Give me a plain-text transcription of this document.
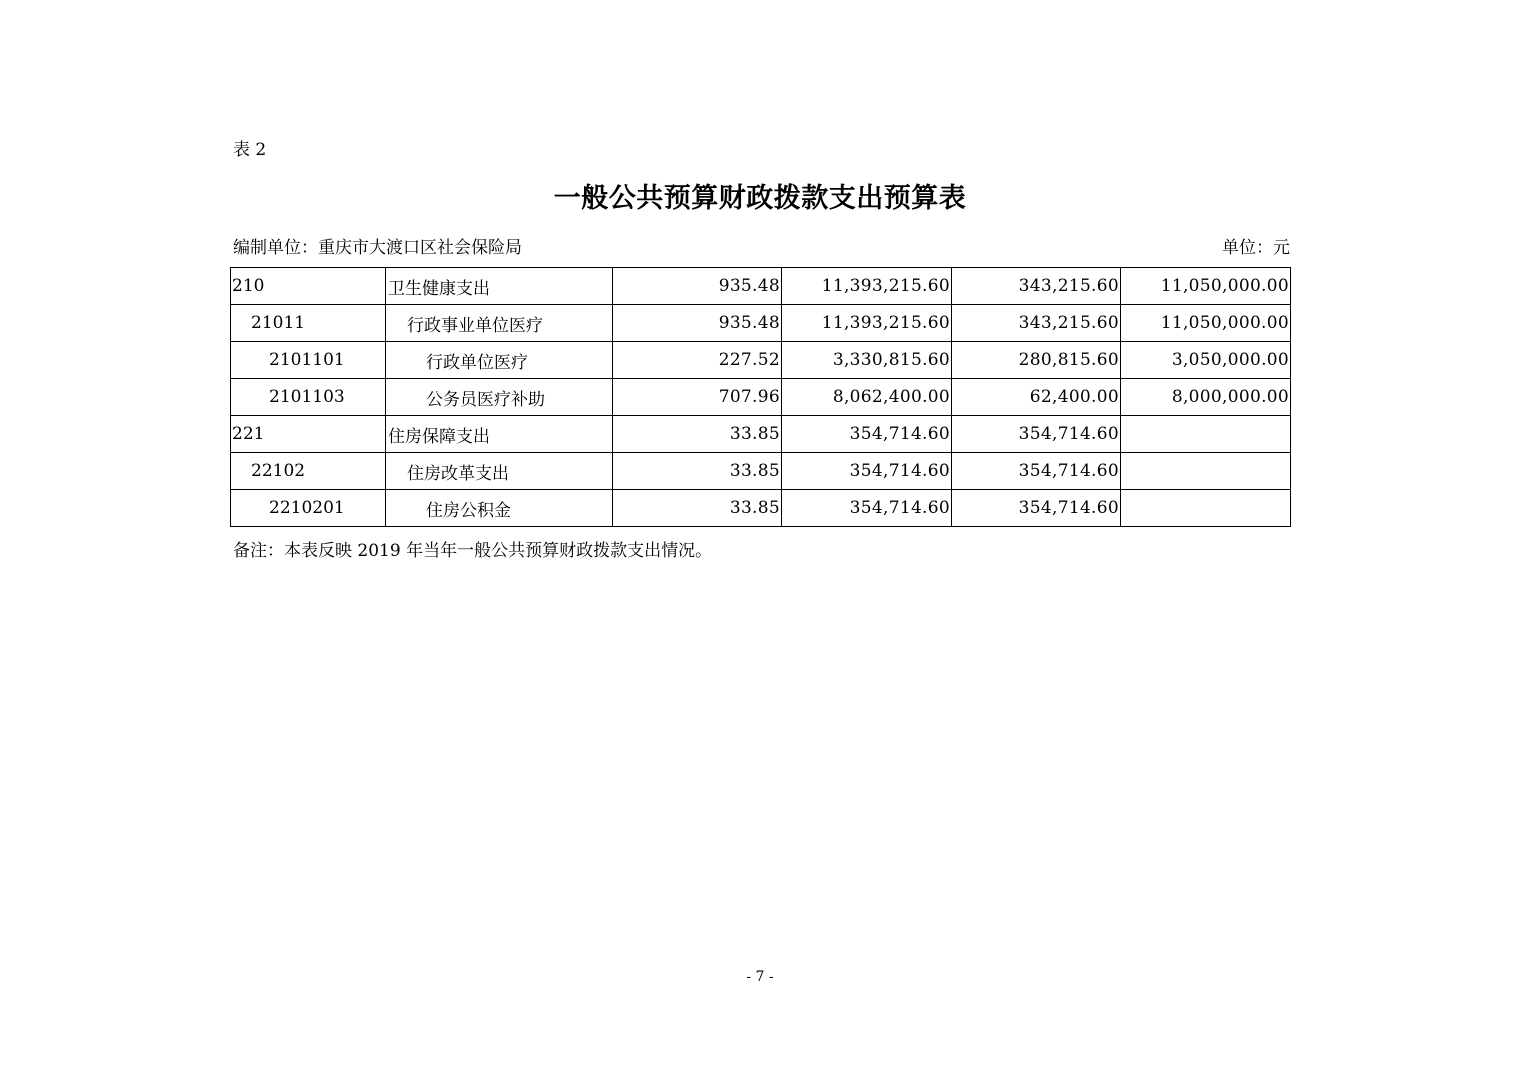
表 2
一般公共预算财政拨款支出预算表
编制单位：重庆市大渡口区社会保险局	单位：元
210	卫生健康支出	935.48	11,393,215.60	343,215.60	11,050,000.00
21011	行政事业单位医疗	935.48	11,393,215.60	343,215.60	11,050,000.00
2101101	行政单位医疗	227.52	3,330,815.60	280,815.60	3,050,000.00
2101103	公务员医疗补助	707.96	8,062,400.00	62,400.00	8,000,000.00
221	住房保障支出	33.85	354,714.60	354,714.60	
22102	住房改革支出	33.85	354,714.60	354,714.60	
2210201	住房公积金	33.85	354,714.60	354,714.60	
备注：本表反映 2019 年当年一般公共预算财政拨款支出情况。
- 7 -
